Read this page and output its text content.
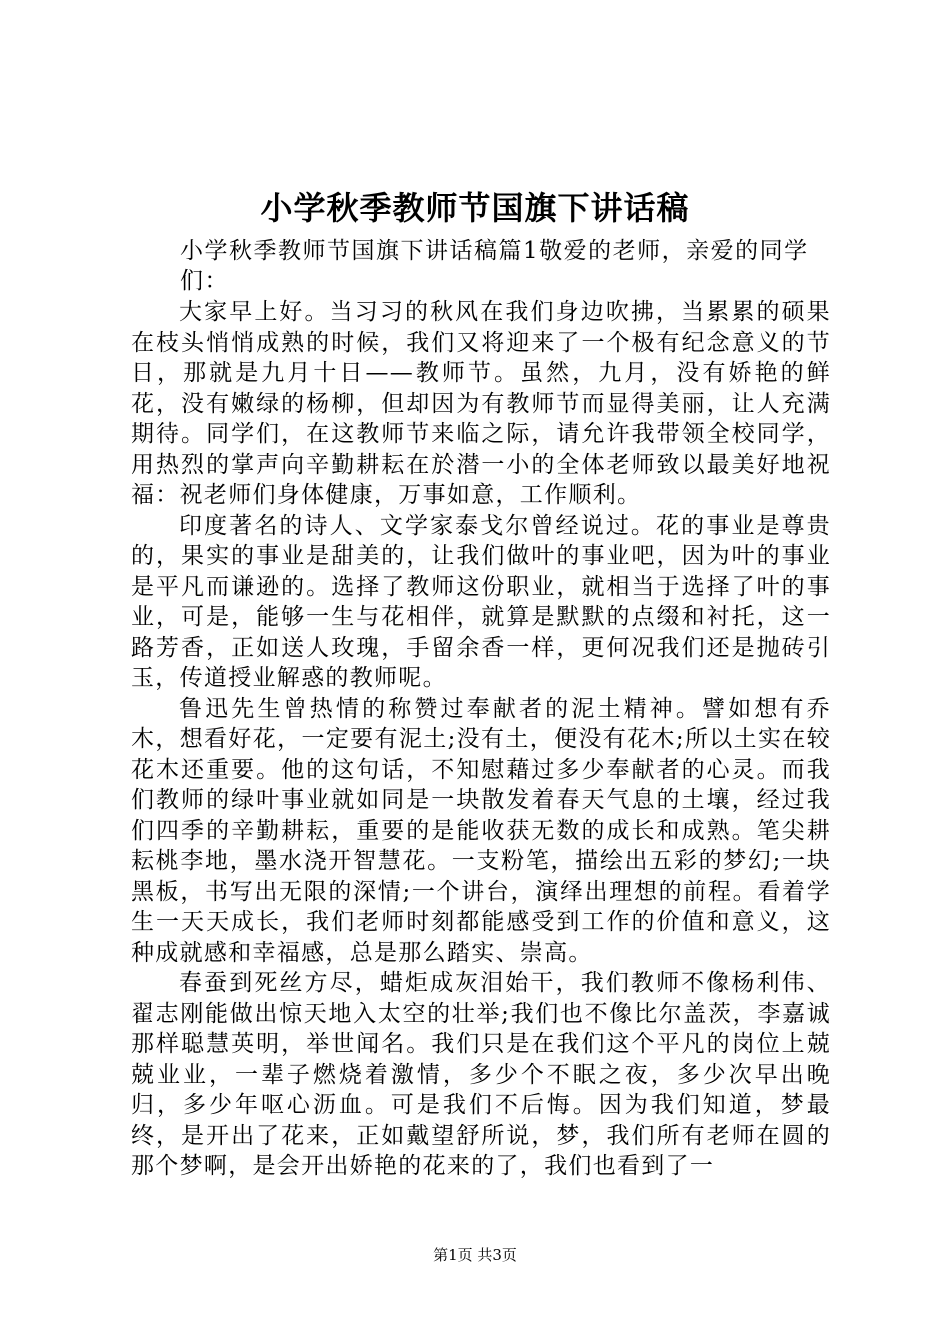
小学秋季教师节国旗下讲话稿
小学秋季教师节国旗下讲话稿篇1敬爱的老师，亲爱的同学们：

大家早上好。当习习的秋风在我们身边吹拂，当累累的硕果在枝头悄悄成熟的时候，我们又将迎来了一个极有纪念意义的节日，那就是九月十日——教师节。虽然，九月，没有娇艳的鲜花，没有嫩绿的杨柳，但却因为有教师节而显得美丽，让人充满期待。同学们，在这教师节来临之际，请允许我带领全校同学，用热烈的掌声向辛勤耕耘在於潜一小的全体老师致以最美好地祝福：祝老师们身体健康，万事如意，工作顺利。

印度著名的诗人、文学家泰戈尔曾经说过。花的事业是尊贵的，果实的事业是甜美的，让我们做叶的事业吧，因为叶的事业是平凡而谦逊的。选择了教师这份职业，就相当于选择了叶的事业，可是，能够一生与花相伴，就算是默默的点缀和衬托，这一路芳香，正如送人玫瑰，手留余香一样，更何况我们还是抛砖引玉，传道授业解惑的教师呢。

鲁迅先生曾热情的称赞过奉献者的泥土精神。譬如想有乔木，想看好花，一定要有泥土;没有土，便没有花木;所以土实在较花木还重要。他的这句话，不知慰藉过多少奉献者的心灵。而我们教师的绿叶事业就如同是一块散发着春天气息的土壤，经过我们四季的辛勤耕耘，重要的是能收获无数的成长和成熟。笔尖耕耘桃李地，墨水浇开智慧花。一支粉笔，描绘出五彩的梦幻;一块黑板，书写出无限的深情;一个讲台，演绎出理想的前程。看着学生一天天成长，我们老师时刻都能感受到工作的价值和意义，这种成就感和幸福感，总是那么踏实、崇高。

春蚕到死丝方尽，蜡炬成灰泪始干，我们教师不像杨利伟、翟志刚能做出惊天地入太空的壮举;我们也不像比尔盖茨，李嘉诚那样聪慧英明，举世闻名。我们只是在我们这个平凡的岗位上兢兢业业，一辈子燃烧着激情，多少个不眠之夜，多少次早出晚归，多少年呕心沥血。可是我们不后悔。因为我们知道，梦最终，是开出了花来，正如戴望舒所说，梦，我们所有老师在圆的那个梦啊，是会开出娇艳的花来的了，我们也看到了一

第1页 共3页
